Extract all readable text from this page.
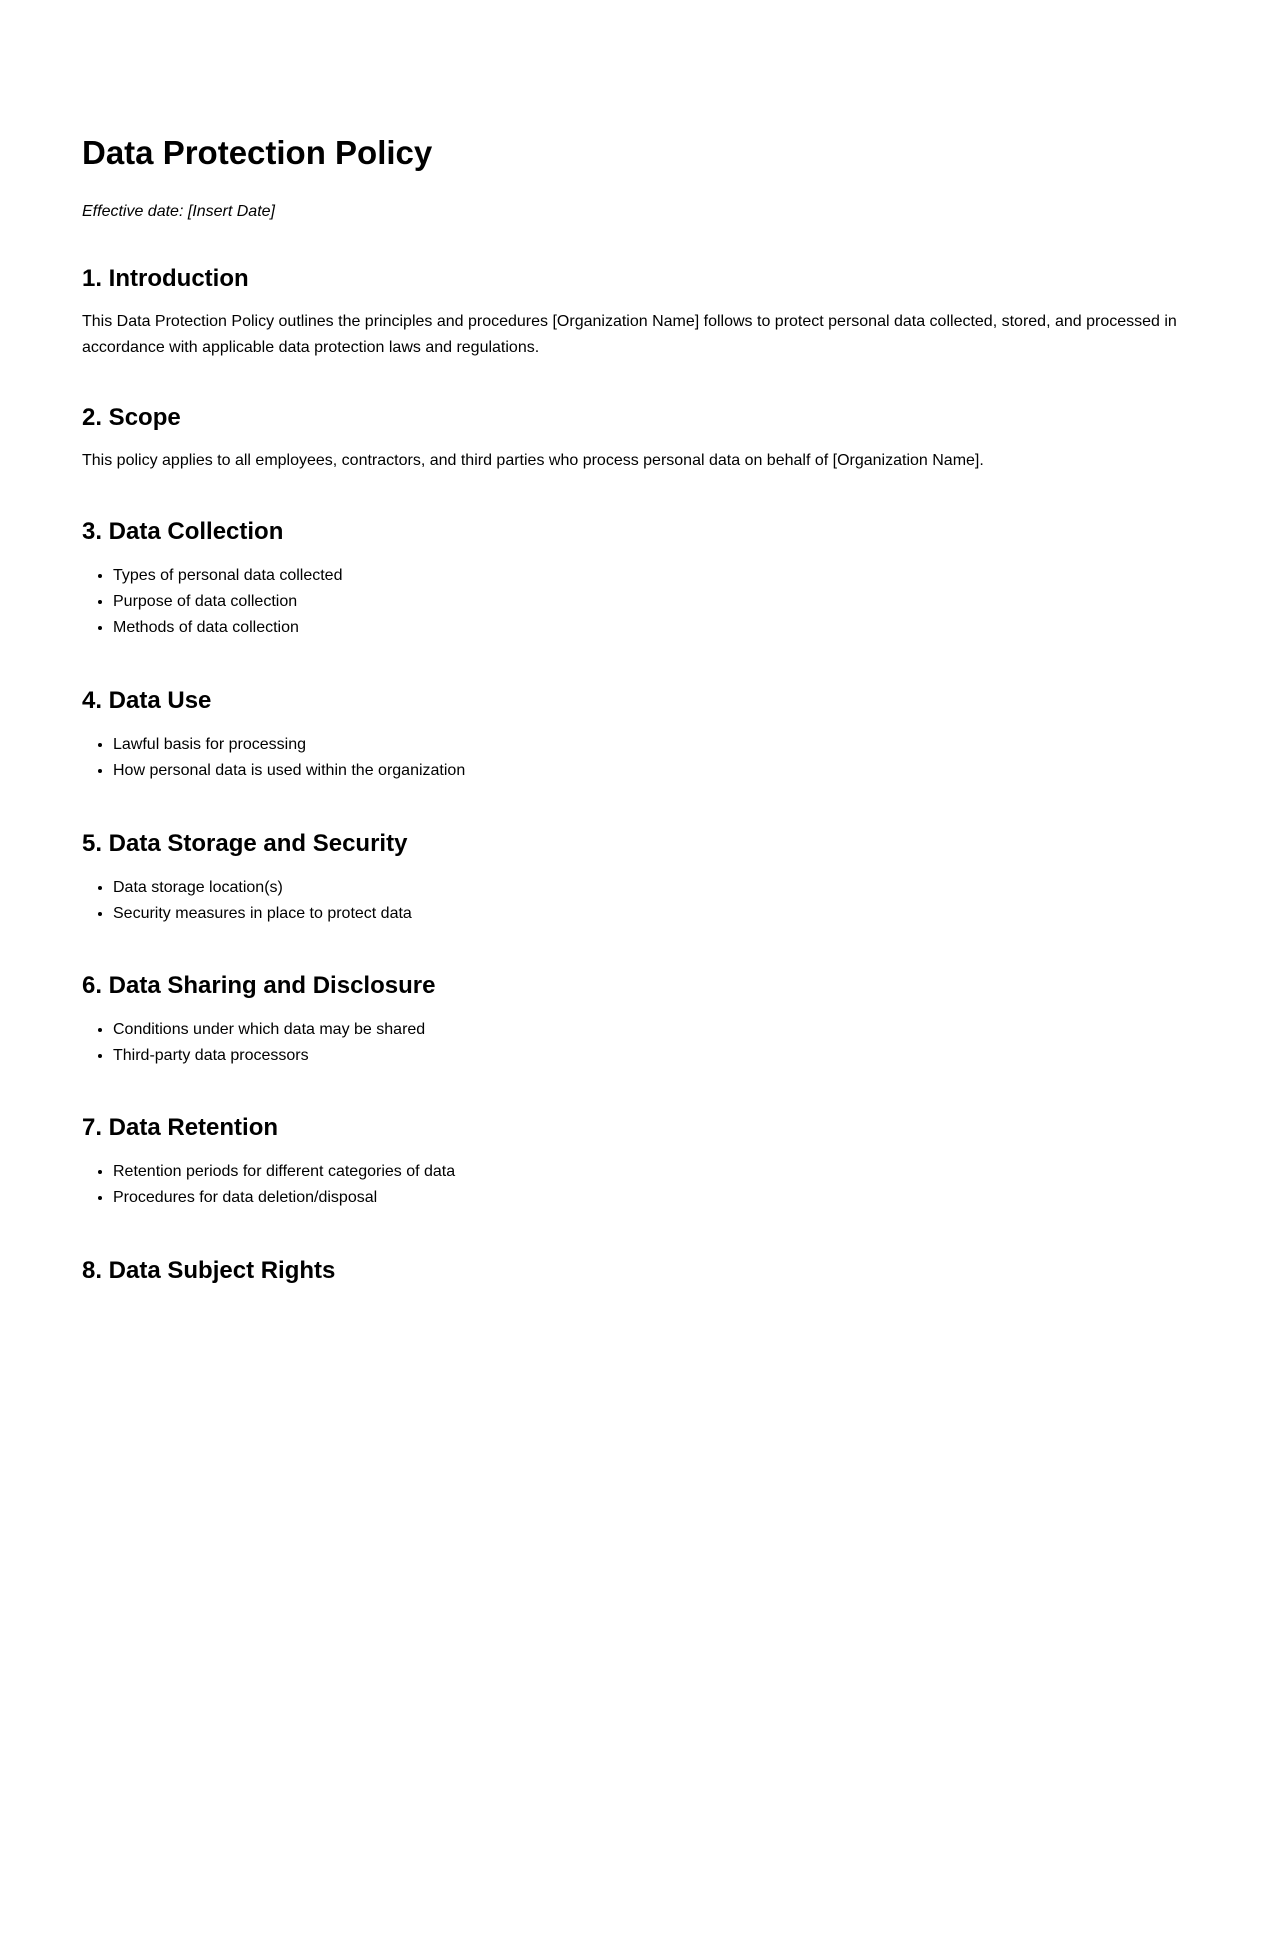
Data Protection Policy

Effective date: [Insert Date]

1. Introduction

This Data Protection Policy outlines the principles and procedures [Organization Name] follows to protect personal data collected, stored, and processed in accordance with applicable data protection laws and regulations.

2. Scope

This policy applies to all employees, contractors, and third parties who process personal data on behalf of [Organization Name].

3. Data Collection
• Types of personal data collected
• Purpose of data collection
• Methods of data collection
4. Data Use
• Lawful basis for processing
• How personal data is used within the organization
5. Data Storage and Security
• Data storage location(s)
• Security measures in place to protect data
6. Data Sharing and Disclosure
• Conditions under which data may be shared
• Third-party data processors
7. Data Retention
• Retention periods for different categories of data
• Procedures for data deletion/disposal
8. Data Subject Rights
